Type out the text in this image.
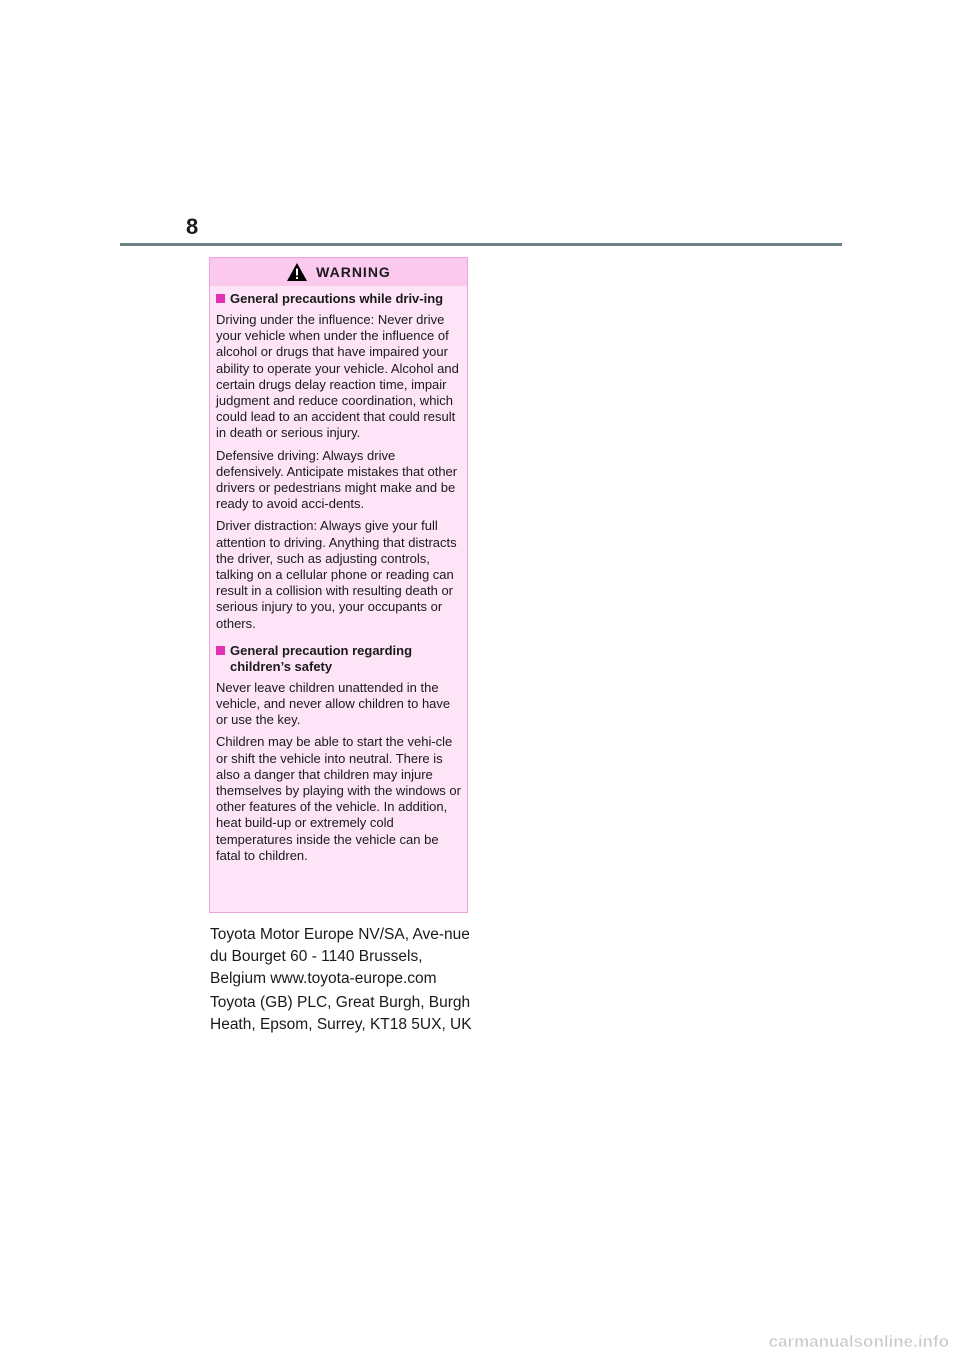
8
WARNING
General precautions while driv-ing

Driving under the influence: Never drive your vehicle when under the influence of alcohol or drugs that have impaired your ability to operate your vehicle. Alcohol and certain drugs delay reaction time, impair judgment and reduce coordination, which could lead to an accident that could result in death or serious injury.

Defensive driving: Always drive defensively. Anticipate mistakes that other drivers or pedestrians might make and be ready to avoid acci-dents.

Driver distraction: Always give your full attention to driving. Anything that distracts the driver, such as adjusting controls, talking on a cellular phone or reading can result in a collision with resulting death or serious injury to you, your occupants or others.

General precaution regarding children’s safety

Never leave children unattended in the vehicle, and never allow children to have or use the key.

Children may be able to start the vehi-cle or shift the vehicle into neutral. There is also a danger that children may injure themselves by playing with the windows or other features of the vehicle. In addition, heat build-up or extremely cold temperatures inside the vehicle can be fatal to children.

Toyota Motor Europe NV/SA, Ave-nue du Bourget 60 - 1140 Brussels, Belgium www.toyota-europe.com

Toyota (GB) PLC, Great Burgh, Burgh Heath, Epsom, Surrey, KT18 5UX, UK

carmanualsonline.info
